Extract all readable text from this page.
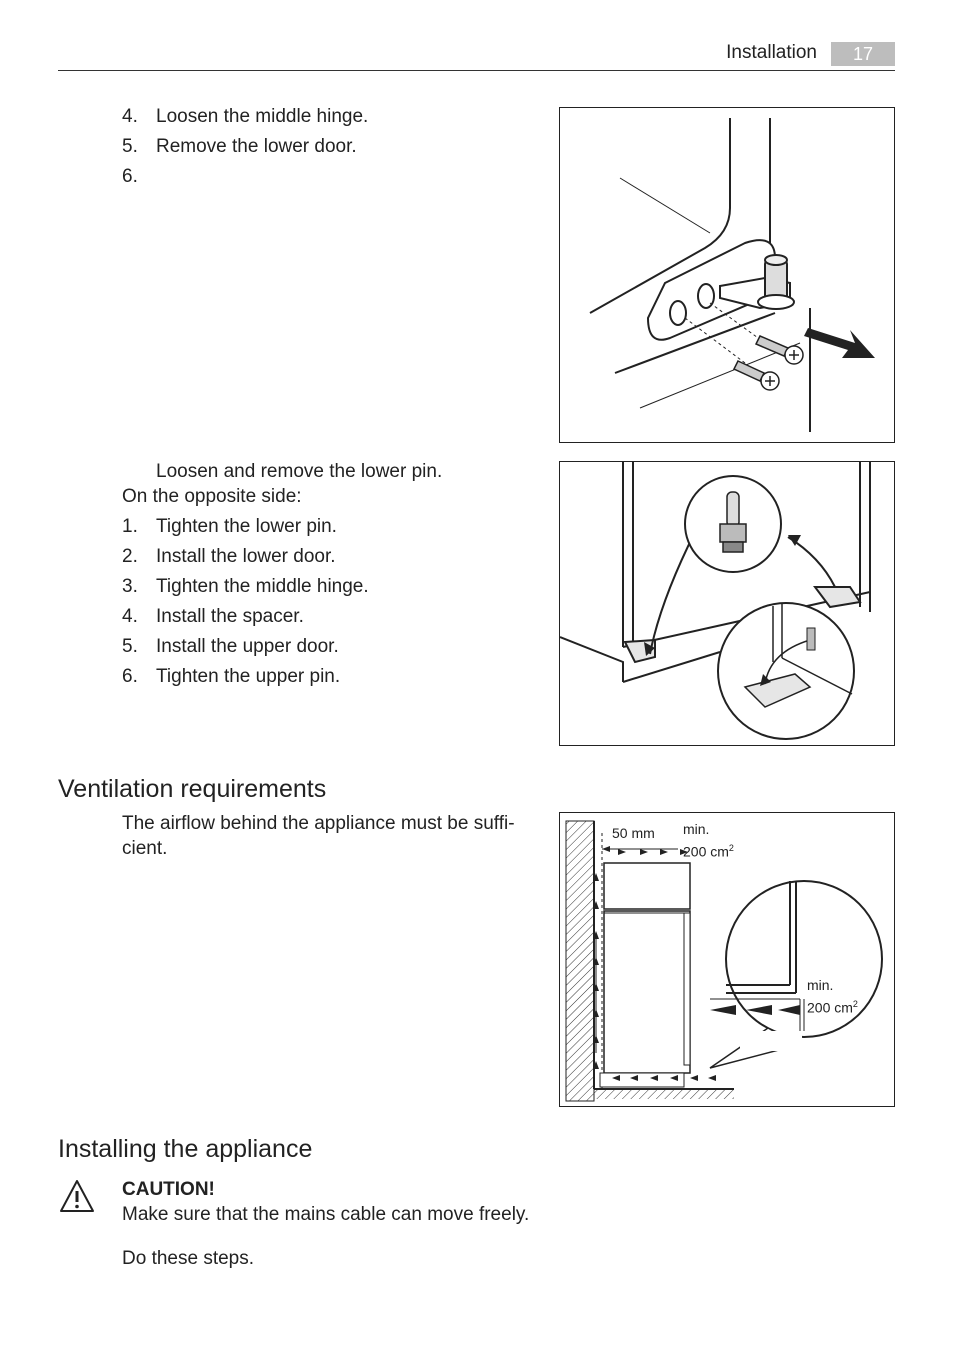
Installation	17
4. Loosen the middle hinge.
5. Remove the lower door.
6.
Loosen and remove the lower pin.
On the opposite side:
1. Tighten the lower pin.
2. Install the lower door.
3. Tighten the middle hinge.
4. Install the spacer.
5. Install the upper door.
6. Tighten the upper pin.
Ventilation requirements
The airflow behind the appliance must be suffi-
cient.
50 mm min.
200 $cm^2$
min.
200 $cm^2$
Installing the appliance
CAUTION!
Make sure that the mains cable can move freely.
Do these steps.
